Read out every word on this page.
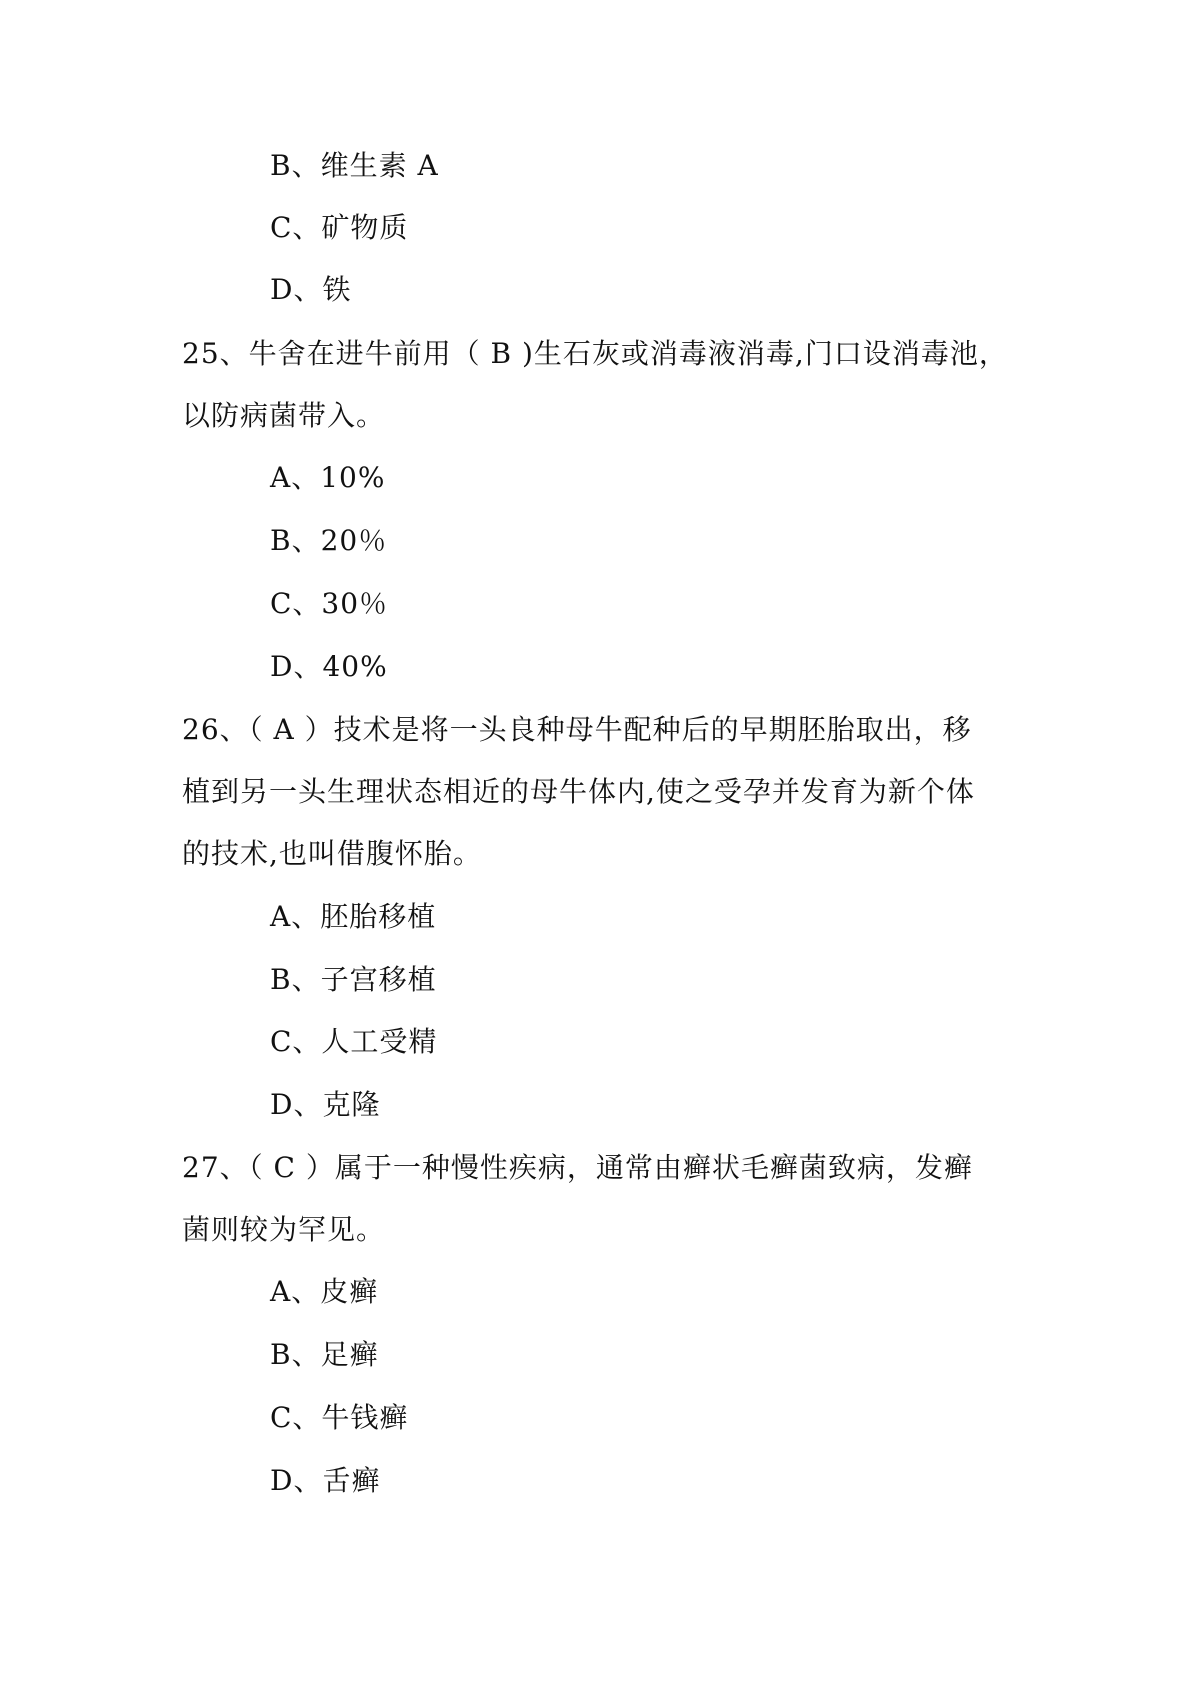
B、维生素 A
C、矿物质
D、铁
25、牛舍在进牛前用（ B )生石灰或消毒液消毒,门口设消毒池，
以防病菌带入。
A、10%
B、20％
C、30％
D、40%
26、（ A ）技术是将一头良种母牛配种后的早期胚胎取出，移
植到另一头生理状态相近的母牛体内,使之受孕并发育为新个体
的技术,也叫借腹怀胎。
A、胚胎移植
B、子宫移植
C、人工受精
D、克隆
27、（ C ）属于一种慢性疾病，通常由癣状毛癣菌致病，发癣
菌则较为罕见。
A、皮癣
B、足癣
C、牛钱癣
D、舌癣
